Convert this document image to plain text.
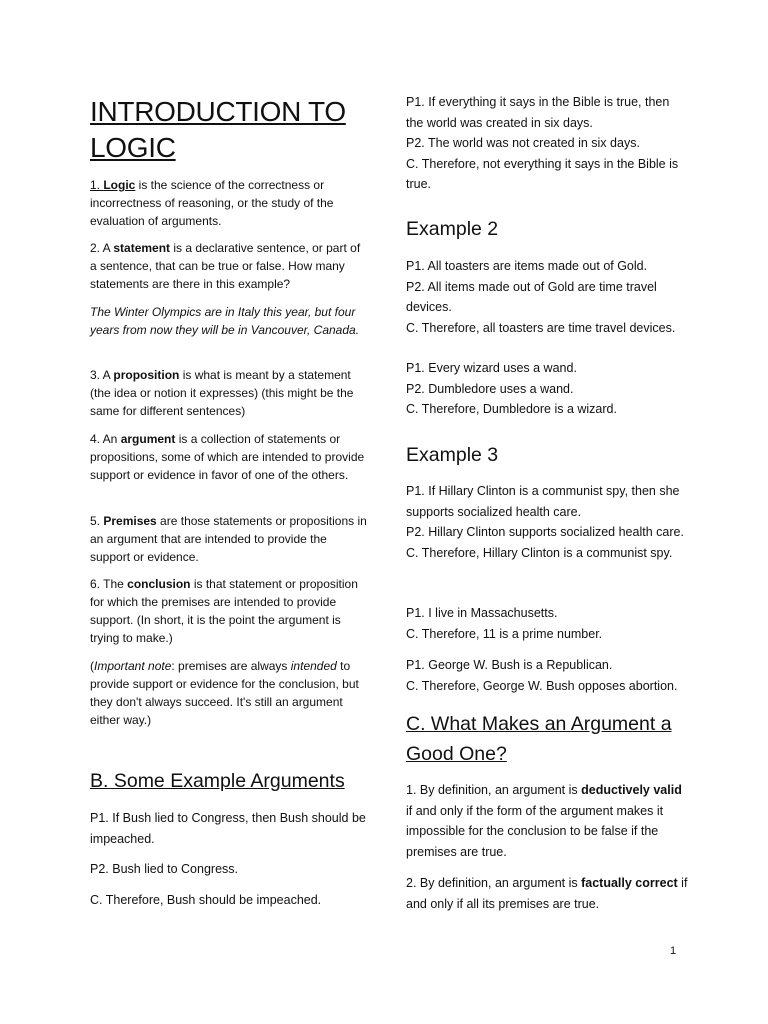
INTRODUCTION TO LOGIC
1. Logic is the science of the correctness or incorrectness of reasoning, or the study of the evaluation of arguments.
2. A statement is a declarative sentence, or part of a sentence, that can be true or false. How many statements are there in this example?
The Winter Olympics are in Italy this year, but four years from now they will be in Vancouver, Canada.
3. A proposition is what is meant by a statement (the idea or notion it expresses) (this might be the same for different sentences)
4. An argument is a collection of statements or propositions, some of which are intended to provide support or evidence in favor of one of the others.
5. Premises are those statements or propositions in an argument that are intended to provide the support or evidence.
6. The conclusion is that statement or proposition for which the premises are intended to provide support. (In short, it is the point the argument is trying to make.)
(Important note: premises are always intended to provide support or evidence for the conclusion, but they don't always succeed. It's still an argument either way.)
B. Some Example Arguments
P1. If Bush lied to Congress, then Bush should be impeached.
P2. Bush lied to Congress.
C. Therefore, Bush should be impeached.
P1. If everything it says in the Bible is true, then the world was created in six days.
P2. The world was not created in six days.
C. Therefore, not everything it says in the Bible is true.
Example 2
P1. All toasters are items made out of Gold.
P2. All items made out of Gold are time travel devices.
C. Therefore, all toasters are time travel devices.
P1. Every wizard uses a wand.
P2. Dumbledore uses a wand.
C. Therefore, Dumbledore is a wizard.
Example 3
P1. If Hillary Clinton is a communist spy, then she supports socialized health care.
P2. Hillary Clinton supports socialized health care.
C. Therefore, Hillary Clinton is a communist spy.
P1. I live in Massachusetts.
C. Therefore, 11 is a prime number.
P1. George W. Bush is a Republican.
C. Therefore, George W. Bush opposes abortion.
C. What Makes an Argument a Good One?
1. By definition, an argument is deductively valid if and only if the form of the argument makes it impossible for the conclusion to be false if the premises are true.
2. By definition, an argument is factually correct if and only if all its premises are true.
1
